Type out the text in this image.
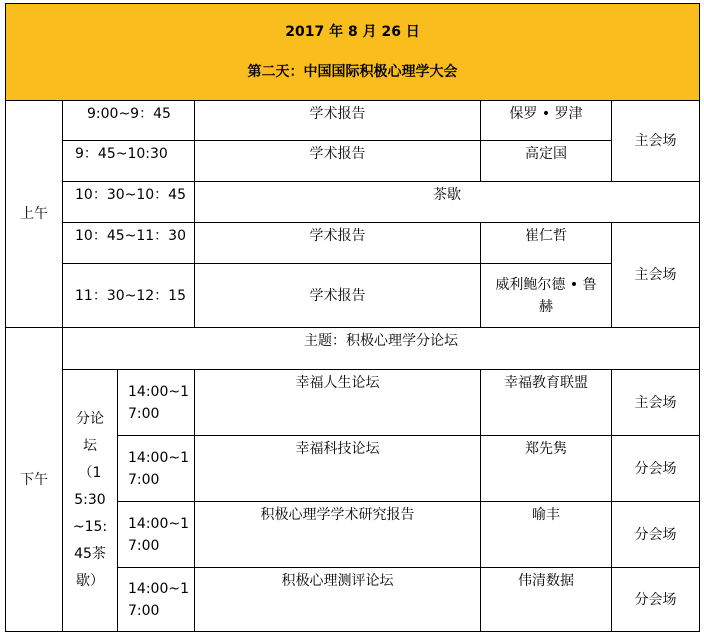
2017 年 8 月 26 日
第二天：中国国际积极心理学大会					
上午	9:00~9：45		学术报告	保罗 • 罗津	主会场
	9：45~10:30		学术报告	高定国	
	10：30~10：45		茶歇		
	10：45~11：30		学术报告	崔仁哲	主会场
	11：30~12：15		学术报告	威利鲍尔德 • 鲁赫	
下午	主题：积极心理学分论坛				
	分论坛（15:30~15:45茶歇）	14:00~17:00	幸福人生论坛	幸福教育联盟	主会场
		14:00~17:00	幸福科技论坛	郑先隽	分会场
		14:00~17:00	积极心理学学术研究报告	喻丰	分会场
		14:00~17:00	积极心理测评论坛	伟清数据	分会场
